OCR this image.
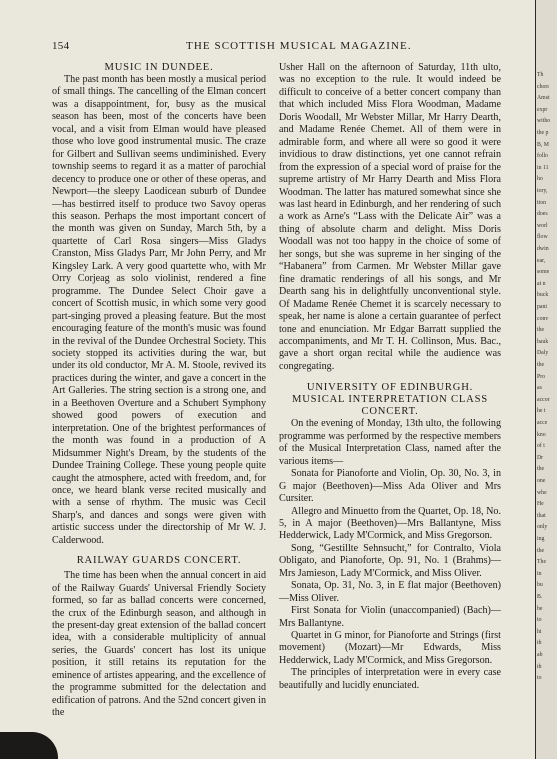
154	THE SCOTTISH MUSICAL MAGAZINE.
MUSIC IN DUNDEE.

The past month has been mostly a musical period of small things. The cancelling of the Elman concert was a disappointment, for, busy as the musical season has been, most of the concerts have been vocal, and a visit from Elman would have pleased those who love good instrumental music. The craze for Gilbert and Sullivan seems undiminished. Every township seems to regard it as a matter of parochial decency to produce one or other of these operas, and Newport—the sleepy Laodicean suburb of Dundee—has bestirred itself to produce two Savoy operas this season. Perhaps the most important concert of the month was given on Sunday, March 5th, by a quartette of Carl Rosa singers—Miss Gladys Cranston, Miss Gladys Parr, Mr John Perry, and Mr Kingsley Lark. A very good quartette who, with Mr Orry Corjeag as solo violinist, rendered a fine programme. The Dundee Select Choir gave a concert of Scottish music, in which some very good part-singing proved a pleasing feature. But the most encouraging feature of the month's music was found in the revival of the Dundee Orchestral Society. This society stopped its activities during the war, but under its old conductor, Mr A. M. Stoole, revived its practices during the winter, and gave a concert in the Art Galleries. The string section is a strong one, and in a Beethoven Overture and a Schubert Symphony showed good powers of execution and interpretation. One of the brightest performances of the month was found in a production of A Midsummer Night's Dream, by the students of the Dundee Training College. These young people quite caught the atmosphere, acted with freedom, and, for once, we heard blank verse recited musically and with a sense of rhythm. The music was Cecil Sharp's, and dances and songs were given with artistic success under the directorship of Mr W. J. Calderwood.

RAILWAY GUARDS CONCERT.

The time has been when the annual concert in aid of the Railway Guards' Universal Friendly Society formed, so far as ballad concerts were concerned, the crux of the Edinburgh season, and although in the present-day great extension of the ballad concert idea, with a considerable multiplicity of annual series, the Guards' concert has lost its unique position, it still retains its reputation for the eminence of artistes appearing, and the excellence of the programme submitted for the delectation and edification of patrons. And the 52nd concert given in the

Usher Hall on the afternoon of Saturday, 11th ulto, was no exception to the rule. It would indeed be difficult to conceive of a better concert company than that which included Miss Flora Woodman, Madame Doris Woodall, Mr Webster Millar, Mr Harry Dearth, and Madame Renée Chemet. All of them were in admirable form, and where all were so good it were invidious to draw distinctions, yet one cannot refrain from the expression of a special word of praise for the supreme artistry of Mr Harry Dearth and Miss Flora Woodman. The latter has matured somewhat since she was last heard in Edinburgh, and her rendering of such a work as Arne's “Lass with the Delicate Air” was a thing of absolute charm and delight. Miss Doris Woodall was not too happy in the choice of some of her songs, but she was supreme in her singing of the “Habanera” from Carmen. Mr Webster Millar gave fine dramatic renderings of all his songs, and Mr Dearth sang his in delightfully unconventional style. Of Madame Renée Chemet it is scarcely necessary to speak, her name is alone a certain guarantee of perfect tone and enunciation. Mr Edgar Barratt supplied the accompaniments, and Mr T. H. Collinson, Mus. Bac., gave a short organ recital while the audience was congregating.

UNIVERSITY OF EDINBURGH.
MUSICAL INTERPRETATION CLASS
CONCERT.

On the evening of Monday, 13th ulto, the following programme was performed by the respective members of the Musical Interpretation Class, named after the various items—

Sonata for Pianoforte and Violin, Op. 30, No. 3, in G major (Beethoven)—Miss Ada Oliver and Mrs Cursiter.

Allegro and Minuetto from the Quartet, Op. 18, No. 5, in A major (Beethoven)—Mrs Ballantyne, Miss Hedderwick, Lady M'Cormick, and Miss Gregorson.

Song, “Gestillte Sehnsucht,” for Contralto, Viola Obligato, and Pianoforte, Op. 91, No. 1 (Brahms)—Mrs Jamieson, Lady M'Cormick, and Miss Oliver.

Sonata, Op. 31, No. 3, in E flat major (Beethoven)—Miss Oliver.

First Sonata for Violin (unaccompanied) (Bach)—Mrs Ballantyne.

Quartet in G minor, for Pianoforte and Strings (first movement) (Mozart)—Mr Edwards, Miss Hedderwick, Lady M'Cormick, and Miss Gregorson.

The principles of interpretation were in every case beautifully and lucidly enunciated.

Th
chorı
Amst
expr
witho
the p
B, M
follo
in 11
ho
tory,
tion
does
worl
flow
dwin
ear,
some
at n
buck
pani
conv
the
bauk
Daly
the
Pro
as
accor
he t
acce
kno
of t
Dr
the
one
whe
He
that
only
ing
the
The
in
bu
B.
be
to
hi
th
ab
th
to
